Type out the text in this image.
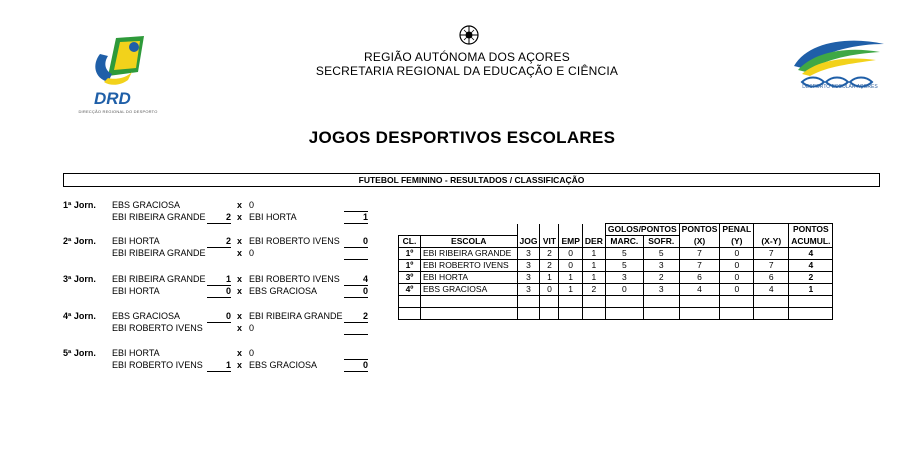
REGIÃO AUTÓNOMA DOS AÇORES
SECRETARIA REGIONAL DA EDUCAÇÃO E CIÊNCIA
DRD
DIRECÇÃO REGIONAL DO DESPORTO
DESPORTO ESCOLAR AÇORES
JOGOS DESPORTIVOS ESCOLARES
FUTEBOL FEMININO - RESULTADOS / CLASSIFICAÇÃO
1ª Jorn. EBS GRACIOSA	x 0
EBI RIBEIRA GRANDE	2 x EBI HORTA	1
2ª Jorn. EBI HORTA	2 x EBI ROBERTO IVENS	0
EBI RIBEIRA GRANDE	x 0
3ª Jorn. EBI RIBEIRA GRANDE	1 x EBI ROBERTO IVENS	4
EBI HORTA	0 x EBS GRACIOSA	0
4ª Jorn. EBS GRACIOSA	0 x EBI RIBEIRA GRANDE	2
EBI ROBERTO IVENS	x 0
5ª Jorn. EBI HORTA	x 0
EBI ROBERTO IVENS	1 x EBS GRACIOSA	0
						GOLOS/PONTOS		PONTOS	PENAL		PONTOS
CL.	ESCOLA	JOG	VIT	EMP	DER	MARC.	SOFR.	(X)	(Y)	(X-Y)	ACUMUL.
1º	EBI RIBEIRA GRANDE	3	2	0	1	5	5	7	0	7	4
1º	EBI ROBERTO IVENS	3	2	0	1	5	3	7	0	7	4
3º	EBI HORTA	3	1	1	1	3	2	6	0	6	2
4º	EBS GRACIOSA	3	0	1	2	0	3	4	0	4	1
